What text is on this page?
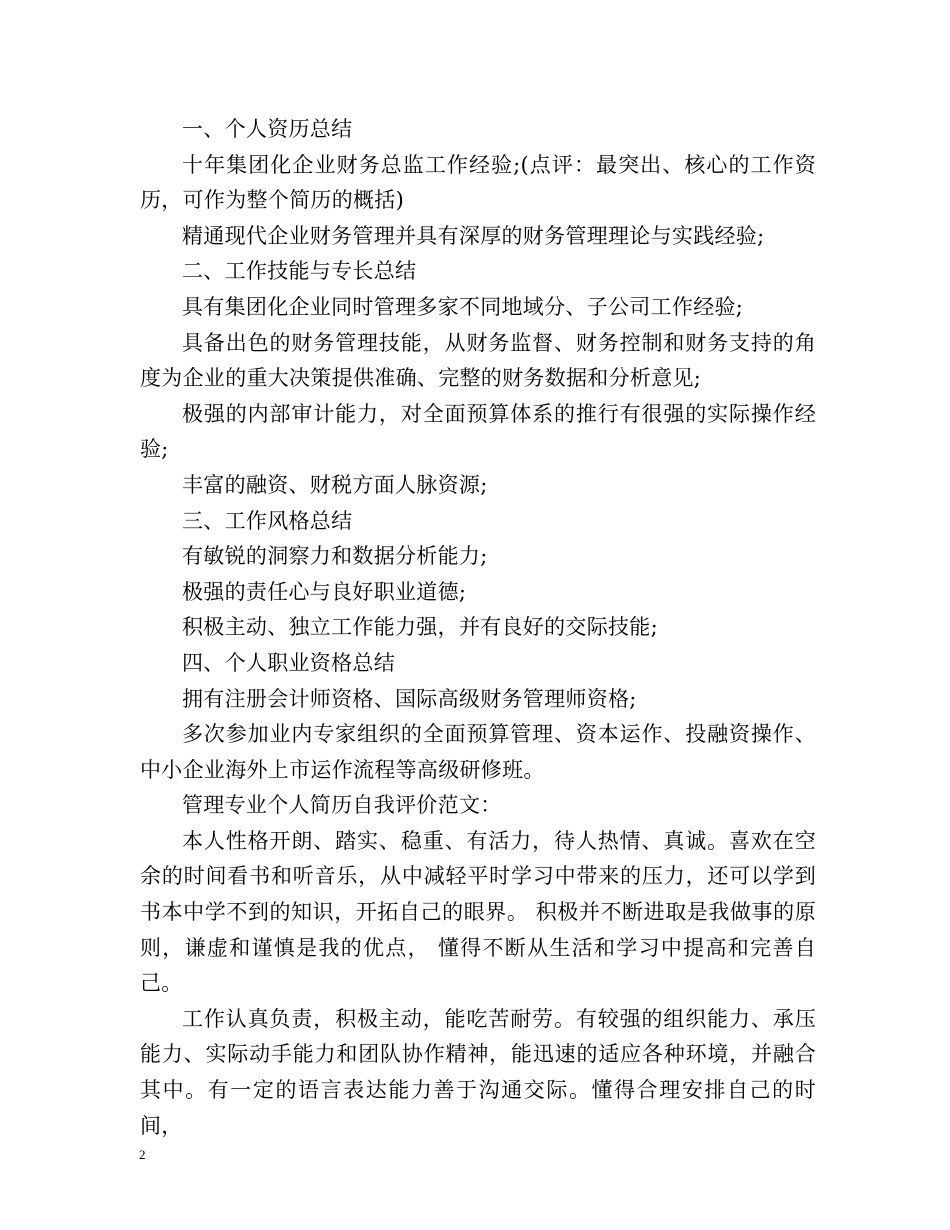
一、个人资历总结

十年集团化企业财务总监工作经验;(点评：最突出、核心的工作资历，可作为整个简历的概括)

精通现代企业财务管理并具有深厚的财务管理理论与实践经验;

二、工作技能与专长总结

具有集团化企业同时管理多家不同地域分、子公司工作经验;

具备出色的财务管理技能，从财务监督、财务控制和财务支持的角度为企业的重大决策提供准确、完整的财务数据和分析意见;

极强的内部审计能力，对全面预算体系的推行有很强的实际操作经验;

丰富的融资、财税方面人脉资源;

三、工作风格总结

有敏锐的洞察力和数据分析能力;

极强的责任心与良好职业道德;

积极主动、独立工作能力强，并有良好的交际技能;

四、个人职业资格总结

拥有注册会计师资格、国际高级财务管理师资格;

多次参加业内专家组织的全面预算管理、资本运作、投融资操作、中小企业海外上市运作流程等高级研修班。

管理专业个人简历自我评价范文：

本人性格开朗、踏实、稳重、有活力，待人热情、真诚。喜欢在空余的时间看书和听音乐，从中减轻平时学习中带来的压力，还可以学到书本中学不到的知识，开拓自己的眼界。 积极并不断进取是我做事的原则，谦虚和谨慎是我的优点， 懂得不断从生活和学习中提高和完善自己。

工作认真负责，积极主动，能吃苦耐劳。有较强的组织能力、承压能力、实际动手能力和团队协作精神，能迅速的适应各种环境，并融合其中。有一定的语言表达能力善于沟通交际。懂得合理安排自己的时间，

2
